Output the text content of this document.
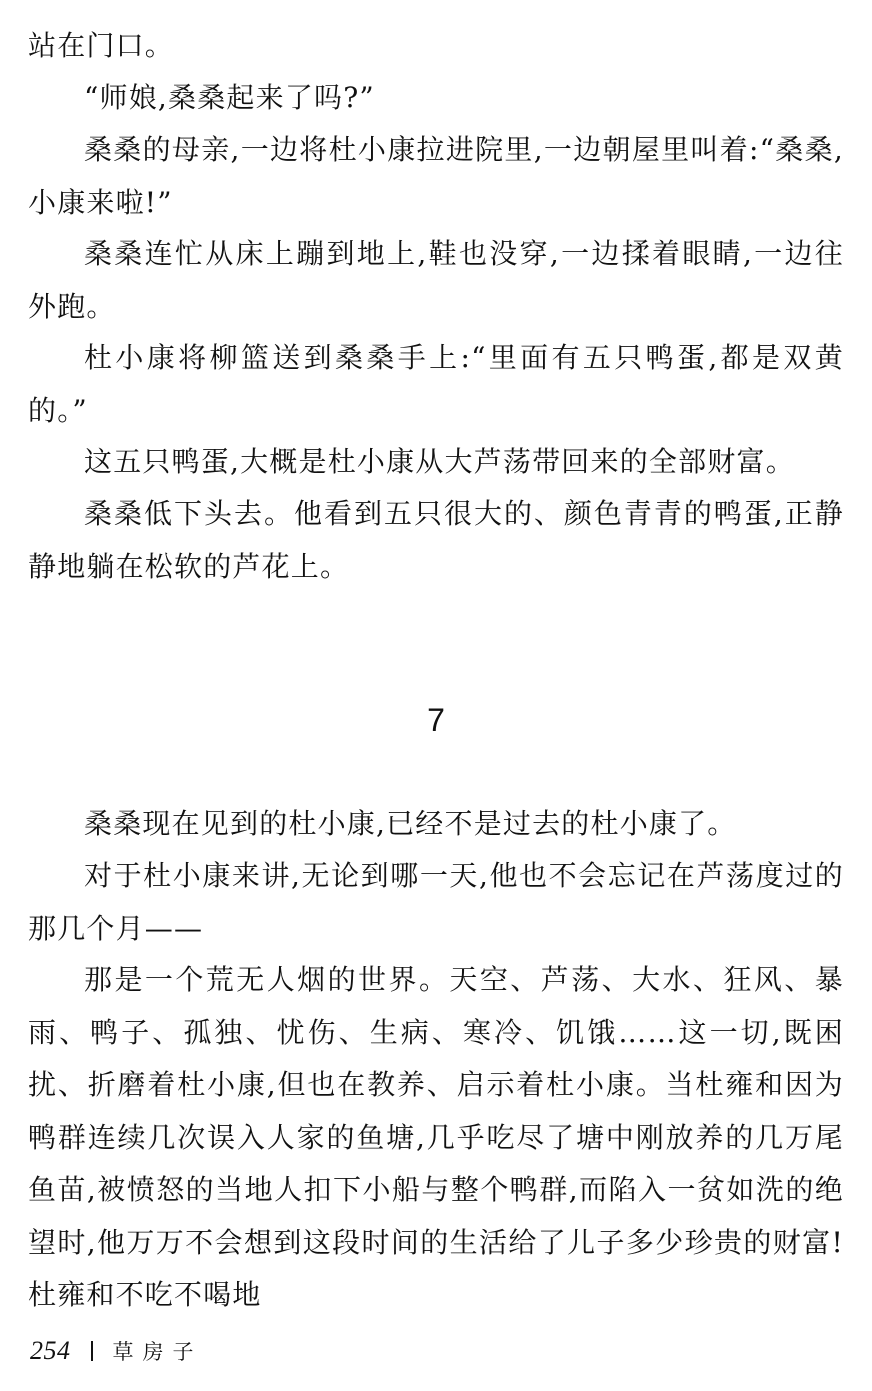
站在门口。

“师娘,桑桑起来了吗?”

桑桑的母亲,一边将杜小康拉进院里,一边朝屋里叫着:“桑桑,小康来啦!”

桑桑连忙从床上蹦到地上,鞋也没穿,一边揉着眼睛,一边往外跑。

杜小康将柳篮送到桑桑手上:“里面有五只鸭蛋,都是双黄的。”

这五只鸭蛋,大概是杜小康从大芦荡带回来的全部财富。

桑桑低下头去。他看到五只很大的、颜色青青的鸭蛋,正静静地躺在松软的芦花上。

7

桑桑现在见到的杜小康,已经不是过去的杜小康了。

对于杜小康来讲,无论到哪一天,他也不会忘记在芦荡度过的那几个月——

那是一个荒无人烟的世界。天空、芦荡、大水、狂风、暴雨、鸭子、孤独、忧伤、生病、寒冷、饥饿……这一切,既困扰、折磨着杜小康,但也在教养、启示着杜小康。当杜雍和因为鸭群连续几次误入人家的鱼塘,几乎吃尽了塘中刚放养的几万尾鱼苗,被愤怒的当地人扣下小船与整个鸭群,而陷入一贫如洗的绝望时,他万万不会想到这段时间的生活给了儿子多少珍贵的财富!杜雍和不吃不喝地

254 草房子
